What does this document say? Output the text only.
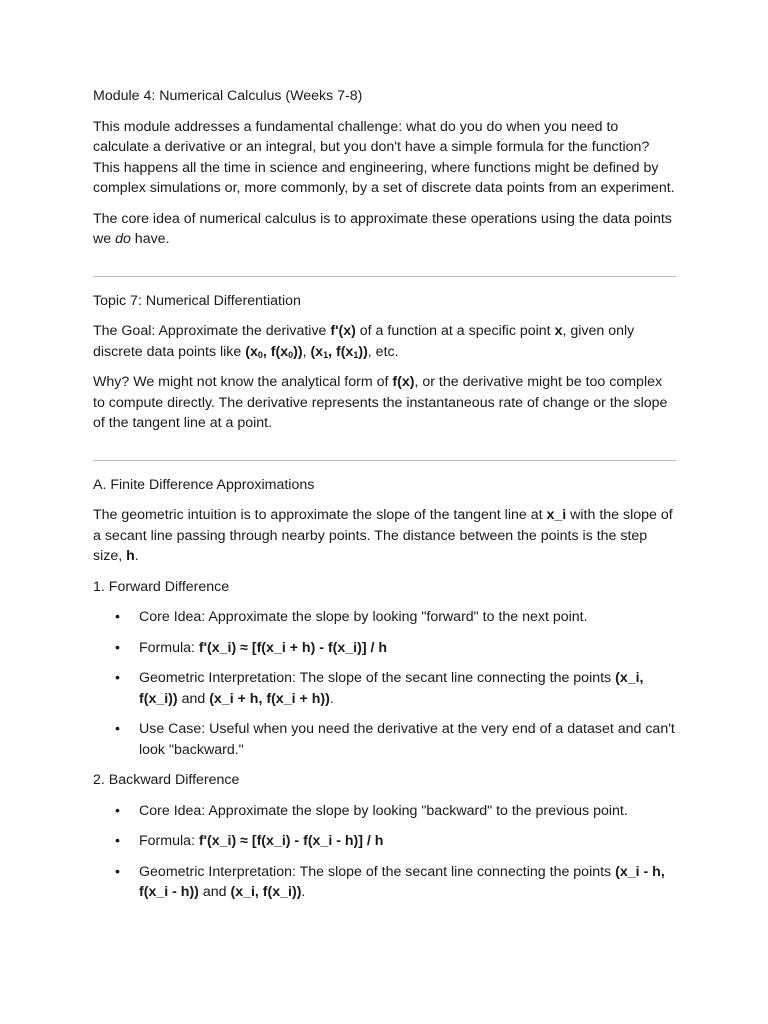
Module 4: Numerical Calculus (Weeks 7-8)

This module addresses a fundamental challenge: what do you do when you need to calculate a derivative or an integral, but you don't have a simple formula for the function? This happens all the time in science and engineering, where functions might be defined by complex simulations or, more commonly, by a set of discrete data points from an experiment.

The core idea of numerical calculus is to approximate these operations using the data points we do have.

Topic 7: Numerical Differentiation

The Goal: Approximate the derivative f'(x) of a function at a specific point x, given only discrete data points like ($x_0$, $f(x_0)$), ($x_1$, $f(x_1)$), etc.

Why? We might not know the analytical form of f(x), or the derivative might be too complex to compute directly. The derivative represents the instantaneous rate of change or the slope of the tangent line at a point.

A. Finite Difference Approximations

The geometric intuition is to approximate the slope of the tangent line at x_i with the slope of a secant line passing through nearby points. The distance between the points is the step size, h.

1. Forward Difference

• Core Idea: Approximate the slope by looking "forward" to the next point.
• Formula: f'(x_i) ≈ [f(x_i + h) - f(x_i)] / h
• Geometric Interpretation: The slope of the secant line connecting the points (x_i, f(x_i)) and (x_i + h, f(x_i + h)).
• Use Case: Useful when you need the derivative at the very end of a dataset and can't look "backward."

2. Backward Difference

• Core Idea: Approximate the slope by looking "backward" to the previous point.
• Formula: f'(x_i) ≈ [f(x_i) - f(x_i - h)] / h
• Geometric Interpretation: The slope of the secant line connecting the points (x_i - h, f(x_i - h)) and (x_i, f(x_i)).
